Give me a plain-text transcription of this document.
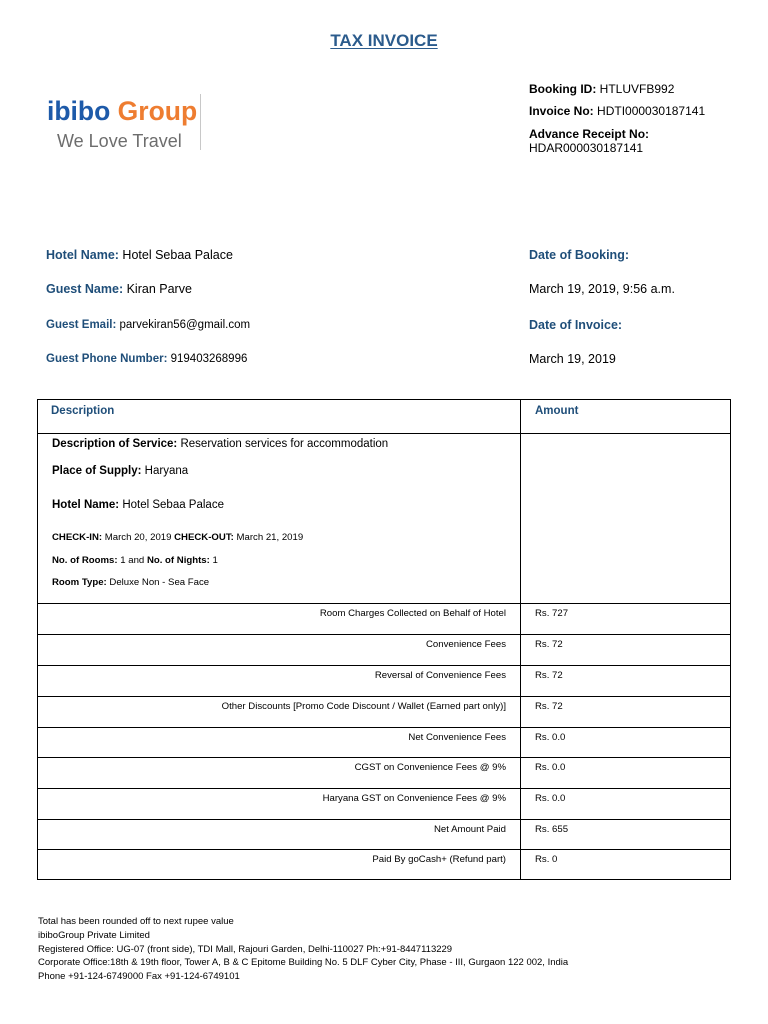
TAX INVOICE
ibibo Group
We Love Travel
Booking ID: HTLUVFB992
Invoice No: HDTI000030187141
Advance Receipt No:
HDAR000030187141
Hotel Name: Hotel Sebaa Palace
Guest Name: Kiran Parve
Guest Email: parvekiran56@gmail.com
Guest Phone Number: 919403268996
Date of Booking:
March 19, 2019, 9:56 a.m.
Date of Invoice:
March 19, 2019
Description	Amount
Description of Service: Reservation services for accommodation
Place of Supply: Haryana
Hotel Name: Hotel Sebaa Palace
CHECK-IN: March 20, 2019 CHECK-OUT: March 21, 2019
No. of Rooms: 1 and No. of Nights: 1
Room Type: Deluxe Non - Sea Face
Room Charges Collected on Behalf of Hotel	Rs. 727
Convenience Fees	Rs. 72
Reversal of Convenience Fees	Rs. 72
Other Discounts [Promo Code Discount / Wallet (Earned part only)]	Rs. 72
Net Convenience Fees	Rs. 0.0
CGST on Convenience Fees @ 9%	Rs. 0.0
Haryana GST on Convenience Fees @ 9%	Rs. 0.0
Net Amount Paid	Rs. 655
Paid By goCash+ (Refund part)	Rs. 0
Total has been rounded off to next rupee value
ibiboGroup Private Limited
Registered Office: UG-07 (front side), TDI Mall, Rajouri Garden, Delhi-110027 Ph:+91-8447113229
Corporate Office:18th & 19th floor, Tower A, B & C Epitome Building No. 5 DLF Cyber City, Phase - III, Gurgaon 122 002, India
Phone +91-124-6749000 Fax +91-124-6749101
